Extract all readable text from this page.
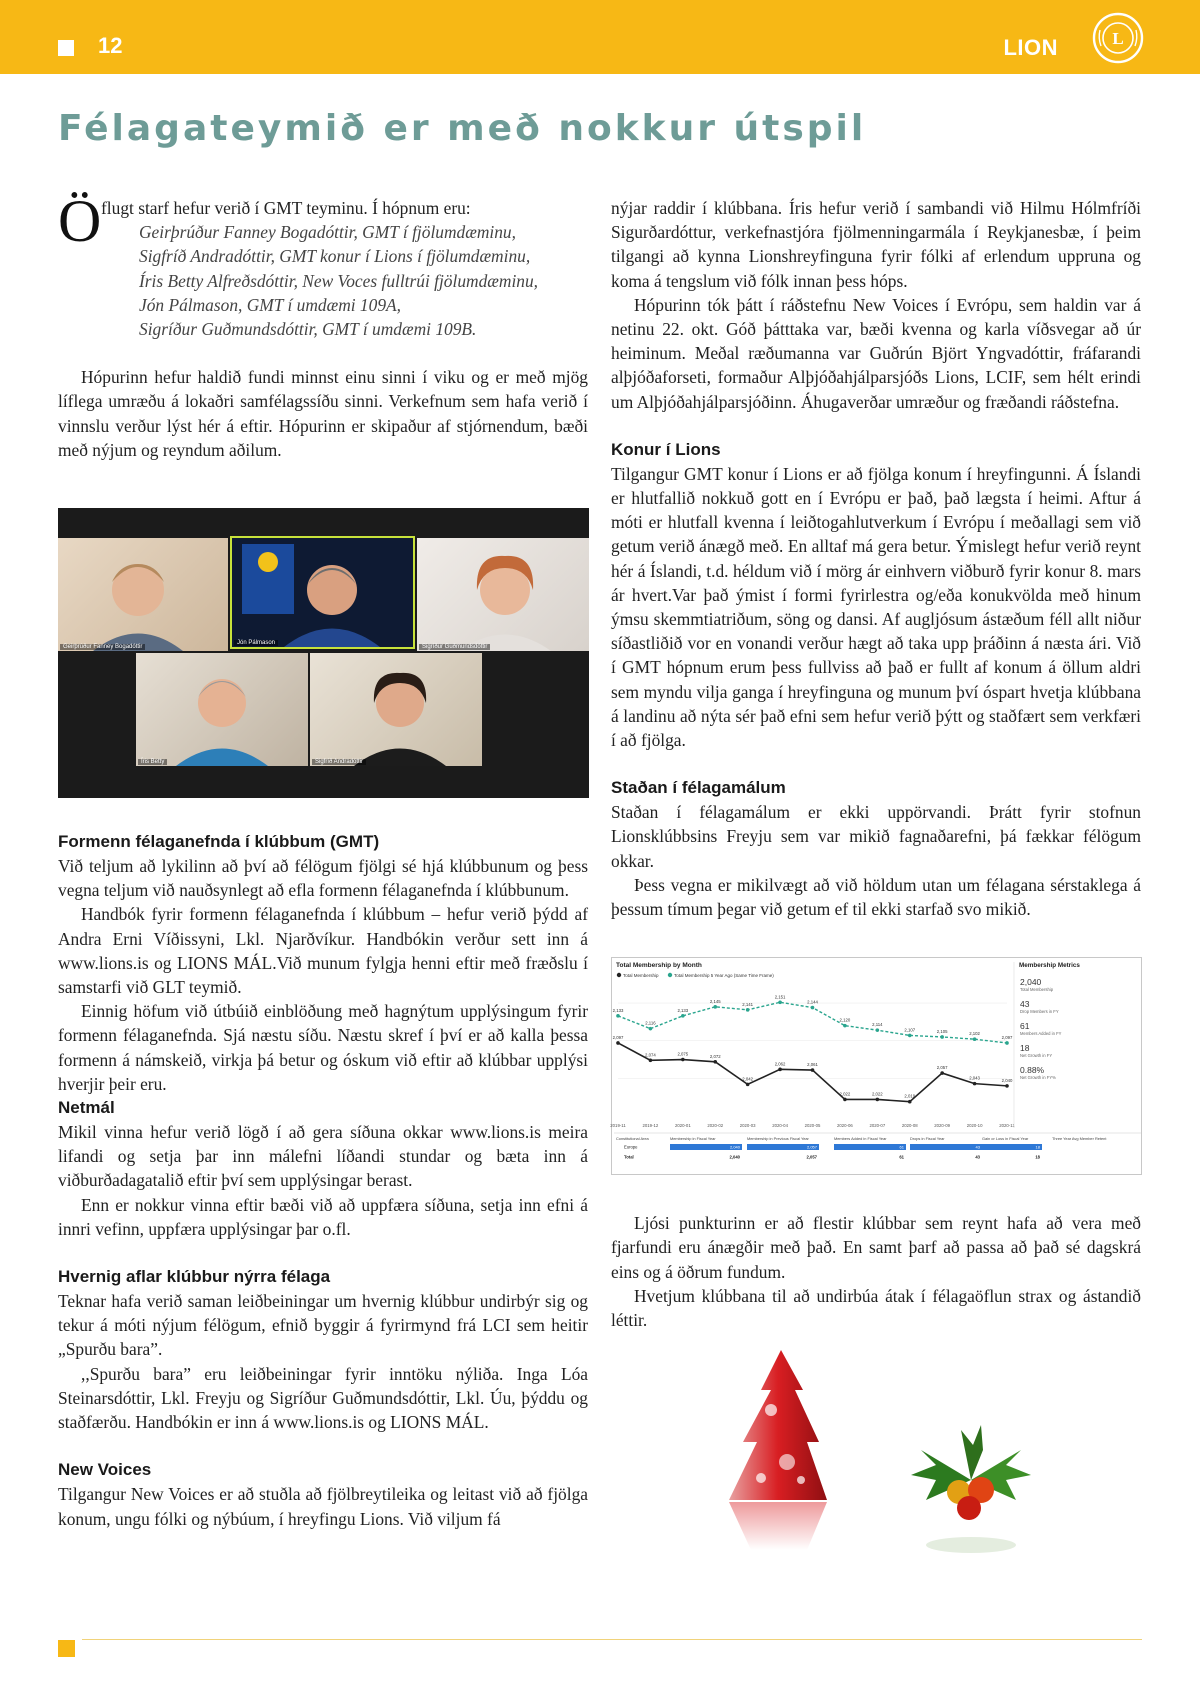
12	LION	L
Félagateymið er með nokkur útspil
Ö flugt starf hefur verið í GMT teyminu. Í hópnum eru:

Geirþrúður Fanney Bogadóttir, GMT í fjölumdæminu,
Sigfríð Andradóttir, GMT konur í Lions í fjölumdæminu,
Íris Betty Alfreðsdóttir, New Voces fulltrúi fjölumdæminu,
Jón Pálmason, GMT í umdæmi 109A,
Sigríður Guðmundsdóttir, GMT í umdæmi 109B.

Hópurinn hefur haldið fundi minnst einu sinni í viku og er með mjög líflega umræðu á lokaðri samfélagssíðu sinni. Verkefnum sem hafa verið í vinnslu verður lýst hér á eftir. Hópurinn er skipaður af stjórnendum, bæði með nýjum og reyndum aðilum.

Geirþrúður Fanney Bogadóttir
Jón Pálmason
Sigríður Guðmundsdóttir
Íris Betty	Sigfríð Andradóttir
Formenn félaganefnda í klúbbum (GMT)

Við teljum að lykilinn að því að félögum fjölgi sé hjá klúbbunum og þess vegna teljum við nauðsynlegt að efla formenn félaganefnda í klúbbunum.

Handbók fyrir formenn félaganefnda í klúbbum – hefur verið þýdd af Andra Erni Víðissyni, Lkl. Njarðvíkur. Handbókin verður sett inn á www.lions.is og LIONS MÁL.Við munum fylgja henni eftir með fræðslu í samstarfi við GLT teymið.

Einnig höfum við útbúið einblöðung með hagnýtum upplýsingum fyrir formenn félaganefnda. Sjá næstu síðu. Næstu skref í því er að kalla þessa formenn á námskeið, virkja þá betur og óskum við eftir að klúbbar upplýsi hverjir þeir eru.

Netmál

Mikil vinna hefur verið lögð í að gera síðuna okkar www.lions.is meira lifandi og setja þar inn málefni líðandi stundar og bæta inn á viðburðadagatalið eftir því sem upplýsingar berast.

Enn er nokkur vinna eftir bæði við að uppfæra síðuna, setja inn efni á innri vefinn, uppfæra upplýsingar þar o.fl.

Hvernig aflar klúbbur nýrra félaga

Teknar hafa verið saman leiðbeiningar um hvernig klúbbur undirbýr sig og tekur á móti nýjum félögum, efnið byggir á fyrirmynd frá LCI sem heitir „Spurðu bara”.

,,Spurðu bara” eru leiðbeiningar fyrir inntöku nýliða. Inga Lóa Steinarsdóttir, Lkl. Freyju og Sigríður Guðmundsdóttir, Lkl. Úu, þýddu og staðfærðu. Handbókin er inn á www.lions.is og LIONS MÁL.

New Voices

Tilgangur New Voices er að stuðla að fjölbreytileika og leitast við að fjölga konum, ungu fólki og nýbúum, í hreyfingu Lions. Við viljum fá

nýjar raddir í klúbbana. Íris hefur verið í sambandi við Hilmu Hólmfríði Sigurðardóttur, verkefnastjóra fjölmenningarmála í Reykjanesbæ, í þeim tilgangi að kynna Lionshreyfinguna fyrir fólki af erlendum uppruna og koma á tengslum við fólk innan þess hóps.

Hópurinn tók þátt í ráðstefnu New Voices í Evrópu, sem haldin var á netinu 22. okt. Góð þátttaka var, bæði kvenna og karla víðsvegar að úr heiminum. Meðal ræðumanna var Guðrún Björt Yngvadóttir, fráfarandi alþjóðaforseti, formaður Alþjóðahjálparsjóðs Lions, LCIF, sem hélt erindi um Alþjóðahjálparsjóðinn. Áhugaverðar umræður og fræðandi ráðstefna.

Konur í Lions

Tilgangur GMT konur í Lions er að fjölga konum í hreyfingunni. Á Íslandi er hlutfallið nokkuð gott en í Evrópu er það, það lægsta í heimi. Aftur á móti er hlutfall kvenna í leiðtogahlutverkum í Evrópu í meðallagi sem við getum verið ánægð með. En alltaf má gera betur. Ýmislegt hefur verið reynt hér á Íslandi, t.d. héldum við í mörg ár einhvern viðburð fyrir konur 8. mars ár hvert.Var það ýmist í formi fyrirlestra og/eða konukvölda með hinum ýmsu skemmtiatriðum, söng og dansi. Af augljósum ástæðum féll allt niður síðastliðið vor en vonandi verður hægt að taka upp þráðinn á næsta ári. Við í GMT hópnum erum þess fullviss að það er fullt af konum á öllum aldri sem myndu vilja ganga í hreyfinguna og munum því óspart hvetja klúbbana á landinu að nýta sér það efni sem hefur verið þýtt og staðfært sem verkfæri í að fjölga.

Staðan í félagamálum

Staðan í félagamálum er ekki uppörvandi. Þrátt fyrir stofnun Lionsklúbbsins Freyju sem var mikið fagnaðarefni, þá fækkar félögum okkar.

Þess vegna er mikilvægt að við höldum utan um félagana sérstaklega á þessum tímum þegar við getum ef til ekki starfað svo mikið.

Total Membership by Month
Total Membership	Total Membership 5 Year Ago (Same Time Frame)
2,097
2,074	2,075	2,072
2,042
2,062	2,061
2,022	2,022	2,019
2,057
2,043	2,040
2,133
2,116
2,133
2,145
2,141
2,151
2,144
2,120
2,114
2,107	2,105	2,102
2,097
2019-11	2019-12	2020-01	2020-02	2020-03	2020-04	2020-05	2020-06	2020-07	2020-08	2020-09	2020-10	2020-11
Membership Metrics
2,040
Total Membership
43
Drop Members in FY
61
Members Added in FY
18
Net Growth in FY
0.88%
Net Growth in FY%
Constitutional Area	Membership in Fiscal Year	Membership in Previous Fiscal Year	Members Added in Fiscal Year	Drops in Fiscal Year	Gain or Loss in Fiscal Year	Three Year Avg Member Retent
Europe	2,040	2,057	61	43	18
Total	2,040	2,057	61	43	18

Ljósi punkturinn er að flestir klúbbar sem reynt hafa að vera með fjarfundi eru ánægðir með það. En samt þarf að passa að það sé dagskrá eins og á öðrum fundum.

Hvetjum klúbbana til að undirbúa átak í félagaöflun strax og ástandið léttir.
